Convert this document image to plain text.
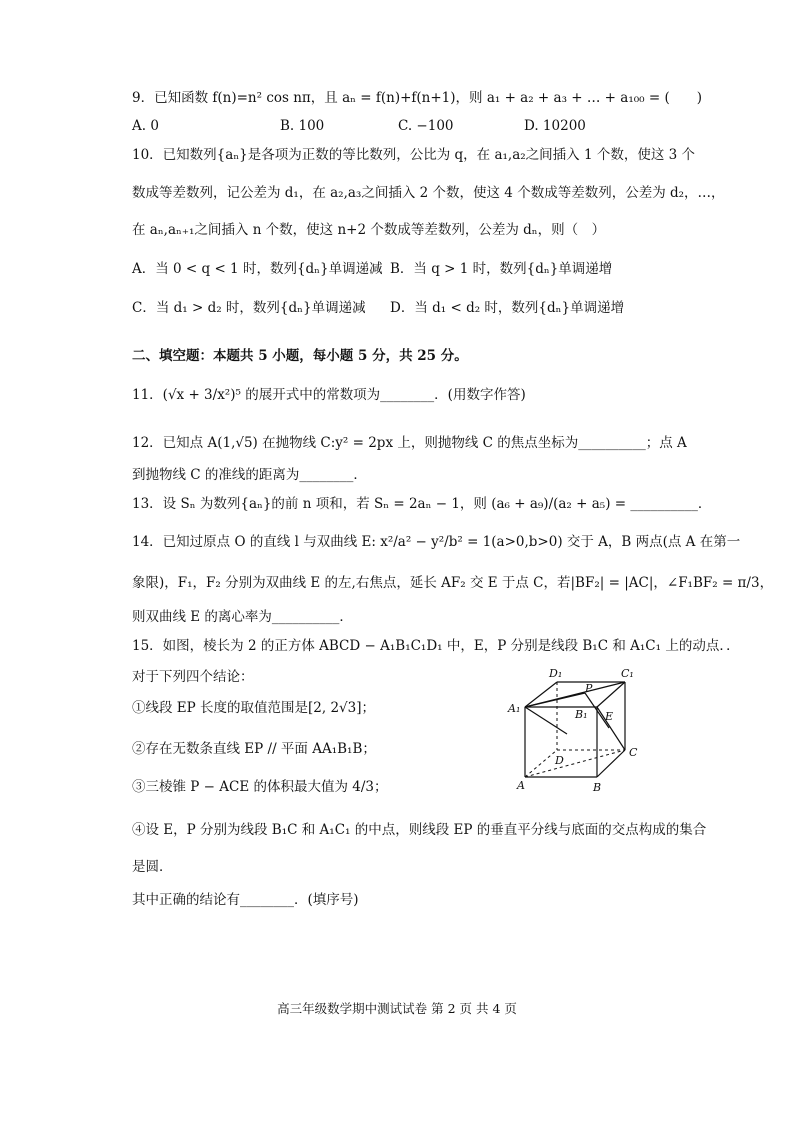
9．已知函数 f(n)=n² cos nπ，且 aₙ = f(n)+f(n+1)，则 a₁ + a₂ + a₃ + … + a₁₀₀ = (　　)
A. 0	B. 100	C. −100	D. 10200
10．已知数列{aₙ}是各项为正数的等比数列，公比为 q，在 a₁,a₂之间插入 1 个数，使这 3 个
数成等差数列，记公差为 d₁，在 a₂,a₃之间插入 2 个数，使这 4 个数成等差数列，公差为 d₂，…，
在 aₙ,aₙ₊₁之间插入 n 个数，使这 n+2 个数成等差数列，公差为 dₙ，则（　）
A．当 0 < q < 1 时，数列{dₙ}单调递减 B．当 q > 1 时，数列{dₙ}单调递增
C．当 d₁ > d₂ 时，数列{dₙ}单调递减 D．当 d₁ < d₂ 时，数列{dₙ}单调递增
二、填空题：本题共 5 小题，每小题 5 分，共 25 分。
11．(√x + 3/x²)⁵ 的展开式中的常数项为________．(用数字作答)
12．已知点 A(1,√5) 在抛物线 C:y² = 2px 上，则抛物线 C 的焦点坐标为__________；点 A
到抛物线 C 的准线的距离为________．
13．设 Sₙ 为数列{aₙ}的前 n 项和，若 Sₙ = 2aₙ − 1，则 (a₆ + a₉)/(a₂ + a₅) = __________．
14．已知过原点 O 的直线 l 与双曲线 E: x²/a² − y²/b² = 1(a>0,b>0) 交于 A，B 两点(点 A 在第一
象限)，F₁，F₂ 分别为双曲线 E 的左,右焦点，延长 AF₂ 交 E 于点 C，若|BF₂| = |AC|，∠F₁BF₂ = π/3，
则双曲线 E 的离心率为__________．
15．如图，棱长为 2 的正方体 ABCD − A₁B₁C₁D₁ 中，E，P 分别是线段 B₁C 和 A₁C₁ 上的动点．．
对于下列四个结论：
①线段 EP 长度的取值范围是[2, 2√3]；
②存在无数条直线 EP // 平面 AA₁B₁B；
③三棱锥 P − ACE 的体积最大值为 4/3；
④设 E，P 分别为线段 B₁C 和 A₁C₁ 的中点，则线段 EP 的垂直平分线与底面的交点构成的集合
是圆．
其中正确的结论有________．(填序号)
D₁	C₁
A₁
P
B₁ E
D
C
A	B
高三年级数学期中测试试卷 第 2 页 共 4 页
